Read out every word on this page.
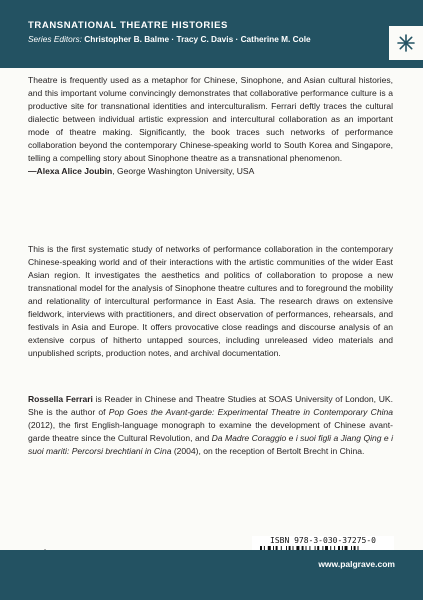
TRANSNATIONAL THEATRE HISTORIES
Series Editors: Christopher B. Balme · Tracy C. Davis · Catherine M. Cole
Theatre is frequently used as a metaphor for Chinese, Sinophone, and Asian cultural histories, and this important volume convincingly demonstrates that collaborative performance culture is a productive site for transnational identities and interculturalism. Ferrari deftly traces the cultural dialectic between individual artistic expression and intercultural collaboration as an important mode of theatre making. Significantly, the book traces such networks of performance collaboration beyond the contemporary Chinese-speaking world to South Korea and Singapore, telling a compelling story about Sinophone theatre as a transnational phenomenon.
—Alexa Alice Joubin, George Washington University, USA
This is the first systematic study of networks of performance collaboration in the contemporary Chinese-speaking world and of their interactions with the artistic communities of the wider East Asian region. It investigates the aesthetics and politics of collaboration to propose a new transnational model for the analysis of Sinophone theatre cultures and to foreground the mobility and relationality of intercultural performance in East Asia. The research draws on extensive fieldwork, interviews with practitioners, and direct observation of performances, rehearsals, and festivals in Asia and Europe. It offers provocative close readings and discourse analysis of an extensive corpus of hitherto untapped sources, including unreleased video materials and unpublished scripts, production notes, and archival documentation.
Rossella Ferrari is Reader in Chinese and Theatre Studies at SOAS University of London, UK. She is the author of Pop Goes the Avant-garde: Experimental Theatre in Contemporary China (2012), the first English-language monograph to examine the development of Chinese avant-garde theatre since the Cultural Revolution, and Da Madre Coraggio e i suoi figli a Jiang Qing e i suoi mariti: Percorsi brechtiani in Cina (2004), on the reception of Bertolt Brecht in China.
ISBN 978-3-030-37275-0
www.palgrave.com
